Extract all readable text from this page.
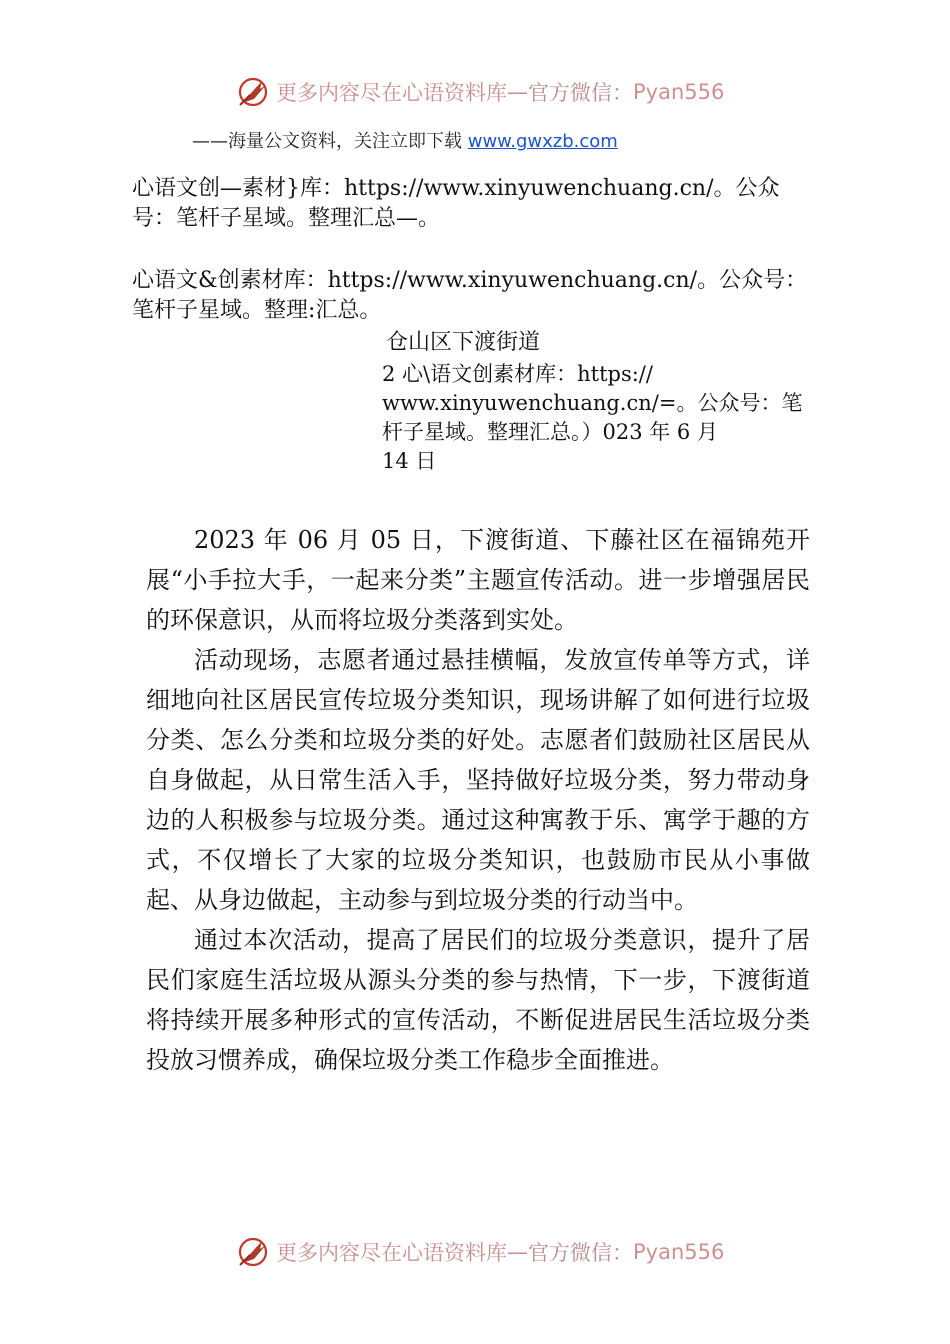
更多内容尽在心语资料库 — 官方微信： Pyan556
——海量公文资料，关注立即下载 www.gwxzb.com
心语文创—素材}库：https://www.xinyuwenchuang.cn/。公众
号：笔杆子星域。整理汇总—。
心语文&创素材库：https://www.xinyuwenchuang.cn/。公众号：
笔杆子星域。整理:汇总。
仓山区下渡街道
2 心\语文创素材库：https://
www.xinyuwenchuang.cn/=。公众号：笔
杆子星域。整理汇总。）023 年 6 月
14 日

2023 年 06 月 05 日，下渡街道、下藤社区在福锦苑开展“小手拉大手，一起来分类”主题宣传活动。进一步增强居民的环保意识，从而将垃圾分类落到实处。

活动现场，志愿者通过悬挂横幅，发放宣传单等方式，详细地向社区居民宣传垃圾分类知识，现场讲解了如何进行垃圾分类、怎么分类和垃圾分类的好处。志愿者们鼓励社区居民从自身做起，从日常生活入手，坚持做好垃圾分类，努力带动身边的人积极参与垃圾分类。通过这种寓教于乐、寓学于趣的方式，不仅增长了大家的垃圾分类知识，也鼓励市民从小事做起、从身边做起，主动参与到垃圾分类的行动当中。

通过本次活动，提高了居民们的垃圾分类意识，提升了居民们家庭生活垃圾从源头分类的参与热情，下一步，下渡街道将持续开展多种形式的宣传活动，不断促进居民生活垃圾分类投放习惯养成，确保垃圾分类工作稳步全面推进。

更多内容尽在心语资料库 — 官方微信： Pyan556
